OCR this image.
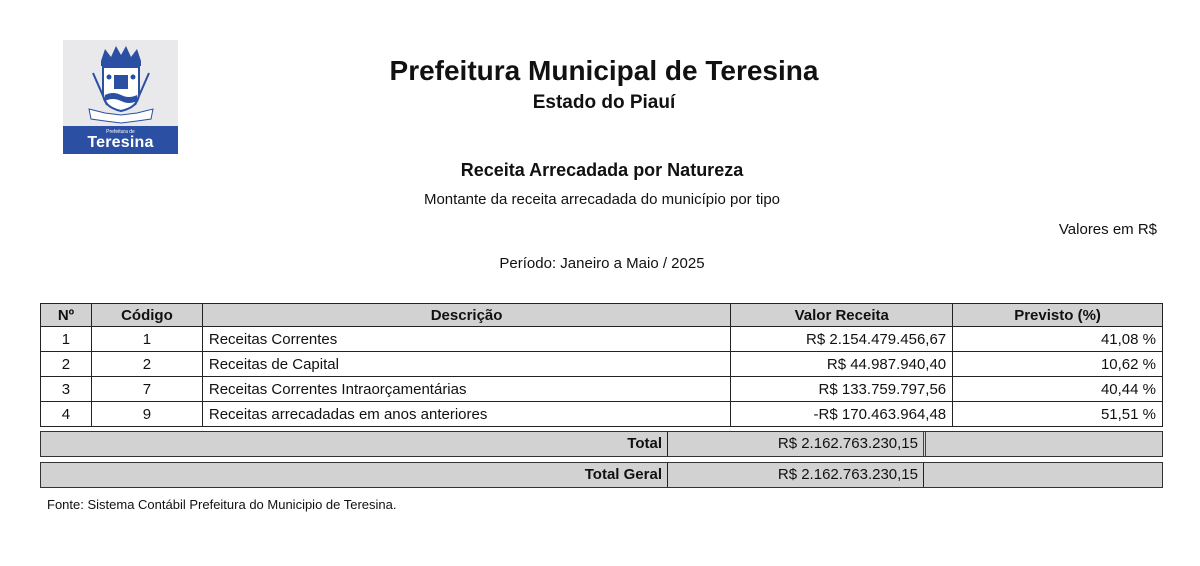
Prefeitura de
Teresina
Prefeitura Municipal de Teresina
Estado do Piauí
Receita Arrecadada por Natureza
Montante da receita arrecadada do município por tipo
Valores em R$
Período: Janeiro a Maio / 2025
Nº	Código	Descrição	Valor Receita	Previsto (%)
1	1	Receitas Correntes	R$ 2.154.479.456,67	41,08 %
2	2	Receitas de Capital	R$ 44.987.940,40	10,62 %
3	7	Receitas Correntes Intraorçamentárias	R$ 133.759.797,56	40,44 %
4	9	Receitas arrecadadas em anos anteriores	-R$ 170.463.964,48	51,51 %
Total	R$ 2.162.763.230,15
Total Geral	R$ 2.162.763.230,15
Fonte: Sistema Contábil Prefeitura do Municipio de Teresina.
